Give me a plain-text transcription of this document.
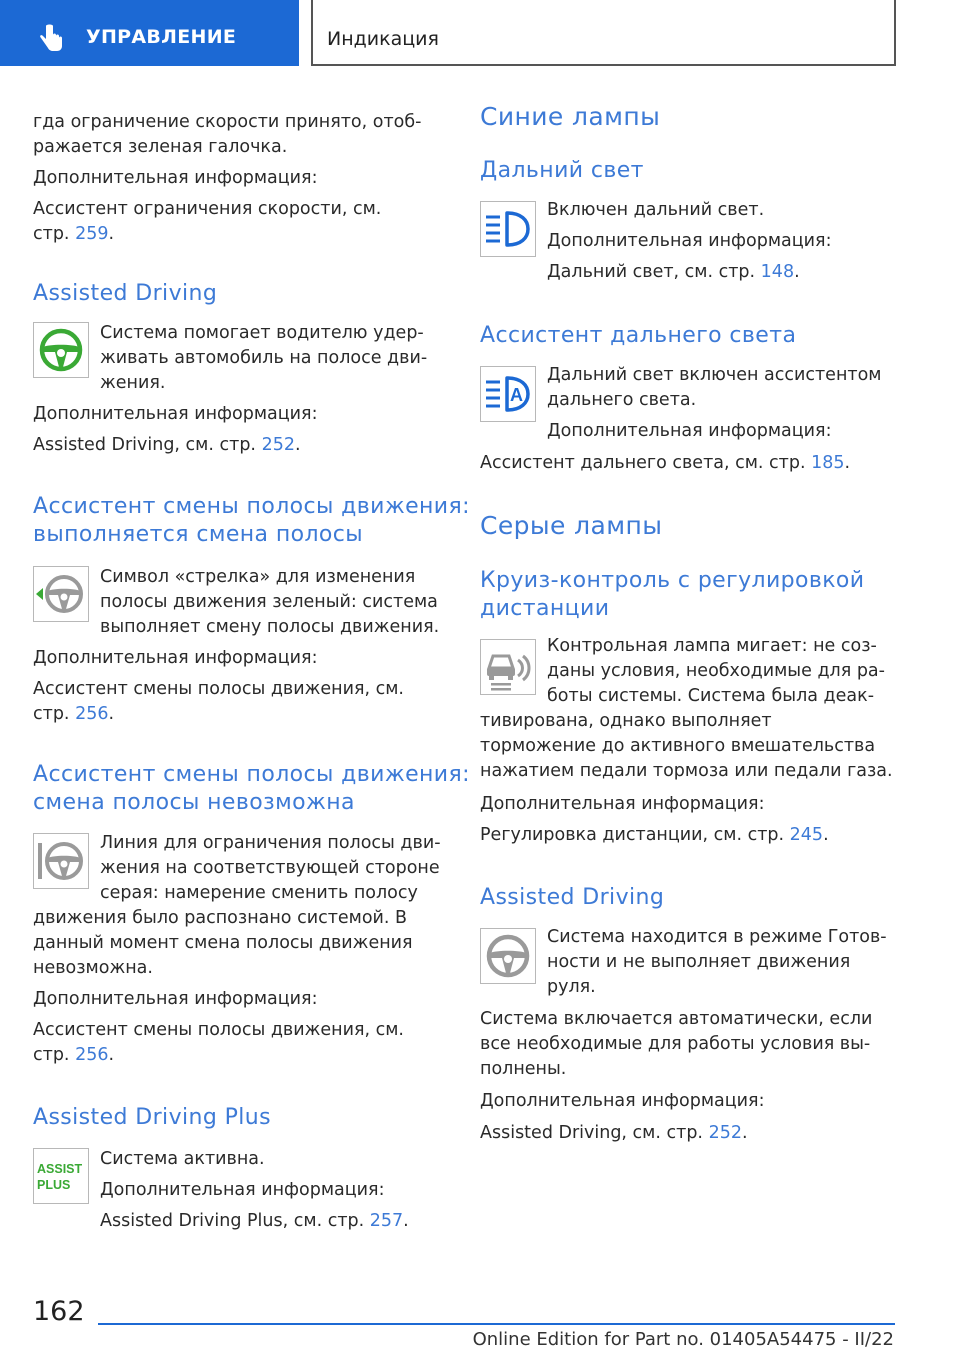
УПРАВЛЕНИЕ	Индикация
гда ограничение скорости принято, отоб-
ражается зеленая галочка.
Дополнительная информация:
Ассистент ограничения скорости, см.
стр. 259.
Assisted Driving
Система помогает водителю удер-
живать автомобиль на полосе дви-
жения.
Дополнительная информация:
Assisted Driving, см. стр. 252.
Ассистент смены полосы движения:
выполняется смена полосы
Символ «стрелка» для изменения
полосы движения зеленый: система
выполняет смену полосы движения.
Дополнительная информация:
Ассистент смены полосы движения, см.
стр. 256.
Ассистент смены полосы движения:
смена полосы невозможна
Линия для ограничения полосы дви-
жения на соответствующей стороне
серая: намерение сменить полосу
движения было распознано системой. В
данный момент смена полосы движения
невозможна.
Дополнительная информация:
Ассистент смены полосы движения, см.
стр. 256.
Assisted Driving Plus
ASSIST
PLUS
Система активна.
Дополнительная информация:
Assisted Driving Plus, см. стр. 257.
Синие лампы
Дальний свет
Включен дальний свет.
Дополнительная информация:
Дальний свет, см. стр. 148.
Ассистент дальнего света
A
Дальний свет включен ассистентом
дальнего света.
Дополнительная информация:
Ассистент дальнего света, см. стр. 185.
Серые лампы
Круиз-контроль с регулировкой
дистанции
Контрольная лампа мигает: не соз-
даны условия, необходимые для ра-
боты системы. Система была деак-
тивирована, однако выполняет
торможение до активного вмешательства
нажатием педали тормоза или педали газа.
Дополнительная информация:
Регулировка дистанции, см. стр. 245.
Assisted Driving
Система находится в режиме Готов-
ности и не выполняет движения
руля.
Система включается автоматически, если
все необходимые для работы условия вы-
полнены.
Дополнительная информация:
Assisted Driving, см. стр. 252.
162
Online Edition for Part no. 01405A54475 - II/22
